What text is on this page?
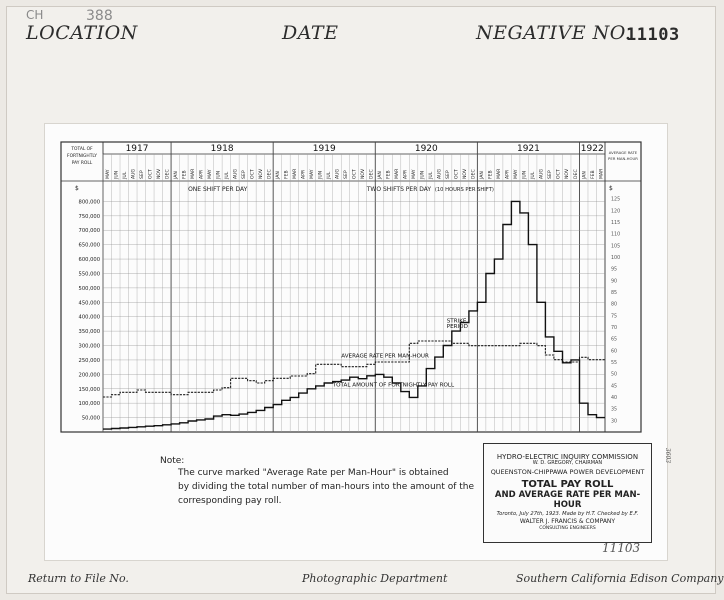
CH	388
LOCATION	DATE	NEGATIVE NO.
11103
MAY JUN JUL AUG SEP OCT NOV DEC JAN FEB MAR APR MAY JUN JUL AUG SEP OCT NOV DEC JAN FEB MAR APR MAY JUN JUL AUG SEP OCT NOV DEC JAN FEB MAR APR MAY JUN JUL AUG SEP OCT NOV DEC JAN FEB MAR APR MAY JUN JUL AUG SEP OCT NOV DEC JAN FEB MAR
1917	1918	1919	1920	1921	1922
800,000
750,000
700,000
650,000
600,000
550,000
500,000
450,000
400,000
350,000
300,000
250,000
200,000
150,000
100,000
50,000
125
120
115
110
105
100
95
90
85
80
75
70
65
60
55
50
45
40
35
30
TOTAL OF
FORTNIGHTLY
PAY ROLL
AVERAGE RATE
PER MAN-HOUR
$	$
ONE SHIFT PER DAY	TWO SHIFTS PER DAY (10 HOURS PER SHIFT)
AVERAGE RATE PER MAN-HOUR
TOTAL AMOUNT OF FORTNIGHTLY PAY ROLL
STRIKE
PERIOD
Note:
The curve marked "Average Rate per Man-Hour" is obtained
by dividing the total number of man-hours into the amount of the
corresponding pay roll.
HYDRO-ELECTRIC INQUIRY COMMISSION
W. D. GREGORY, CHAIRMAN
QUEENSTON-CHIPPAWA POWER DEVELOPMENT
TOTAL PAY ROLL
AND AVERAGE RATE PER MAN-HOUR
Toronto, July 27th, 1923. Made by H.T. Checked by E.F.
WALTER J. FRANCIS & COMPANY
CONSULTING ENGINEERS
11103
3603
Return to File No.	Photographic Department	Southern California Edison Company
